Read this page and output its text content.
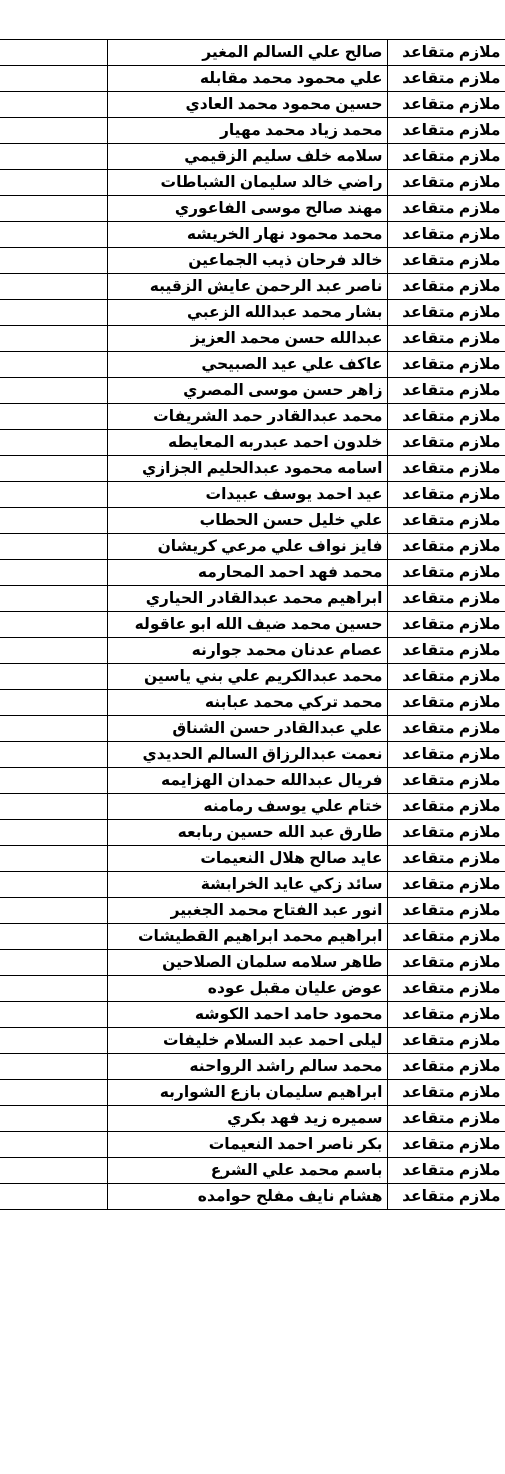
ملازم متقاعد	صالح علي السالم المغير	
ملازم متقاعد	علي محمود محمد مقابله	
ملازم متقاعد	حسين محمود محمد العادي	
ملازم متقاعد	محمد زياد محمد مهيار	
ملازم متقاعد	سلامه خلف سليم الزقيمي	
ملازم متقاعد	راضي خالد سليمان الشباطات	
ملازم متقاعد	مهند صالح موسى الفاعوري	
ملازم متقاعد	محمد محمود نهار الخريشه	
ملازم متقاعد	خالد فرحان ذيب الجماعين	
ملازم متقاعد	ناصر عبد الرحمن عايش الزقيبه	
ملازم متقاعد	بشار محمد عبدالله الزعبي	
ملازم متقاعد	عبدالله حسن محمد العزيز	
ملازم متقاعد	عاكف علي عيد الصبيحي	
ملازم متقاعد	زاهر حسن موسى المصري	
ملازم متقاعد	محمد عبدالقادر حمد الشريفات	
ملازم متقاعد	خلدون احمد عبدربه المعايطه	
ملازم متقاعد	اسامه محمود عبدالحليم الجزازي	
ملازم متقاعد	عيد احمد يوسف عبيدات	
ملازم متقاعد	علي خليل حسن الحطاب	
ملازم متقاعد	فايز نواف علي مرعي كريشان	
ملازم متقاعد	محمد فهد احمد المحارمه	
ملازم متقاعد	ابراهيم محمد عبدالقادر الحياري	
ملازم متقاعد	حسين محمد ضيف الله ابو عاقوله	
ملازم متقاعد	عصام عدنان محمد جوارنه	
ملازم متقاعد	محمد عبدالكريم علي بني ياسين	
ملازم متقاعد	محمد تركي محمد عبابنه	
ملازم متقاعد	علي عبدالقادر حسن الشناق	
ملازم متقاعد	نعمت عبدالرزاق السالم الحديدي	
ملازم متقاعد	فريال عبدالله حمدان الهزايمه	
ملازم متقاعد	ختام علي يوسف رمامنه	
ملازم متقاعد	طارق عبد الله حسين ربابعه	
ملازم متقاعد	عايد صالح هلال النعيمات	
ملازم متقاعد	سائد زكي عايد الخرابشة	
ملازم متقاعد	انور عبد الفتاح محمد الجغبير	
ملازم متقاعد	ابراهيم محمد ابراهيم القطيشات	
ملازم متقاعد	طاهر سلامه سلمان الصلاحين	
ملازم متقاعد	عوض عليان مقبل عوده	
ملازم متقاعد	محمود حامد احمد الكوشه	
ملازم متقاعد	ليلى احمد عبد السلام خليفات	
ملازم متقاعد	محمد سالم راشد الرواحنه	
ملازم متقاعد	ابراهيم سليمان بازع الشواربه	
ملازم متقاعد	سميره زيد فهد بكري	
ملازم متقاعد	بكر ناصر احمد النعيمات	
ملازم متقاعد	باسم محمد علي الشرع	
ملازم متقاعد	هشام نايف مفلح حوامده	
